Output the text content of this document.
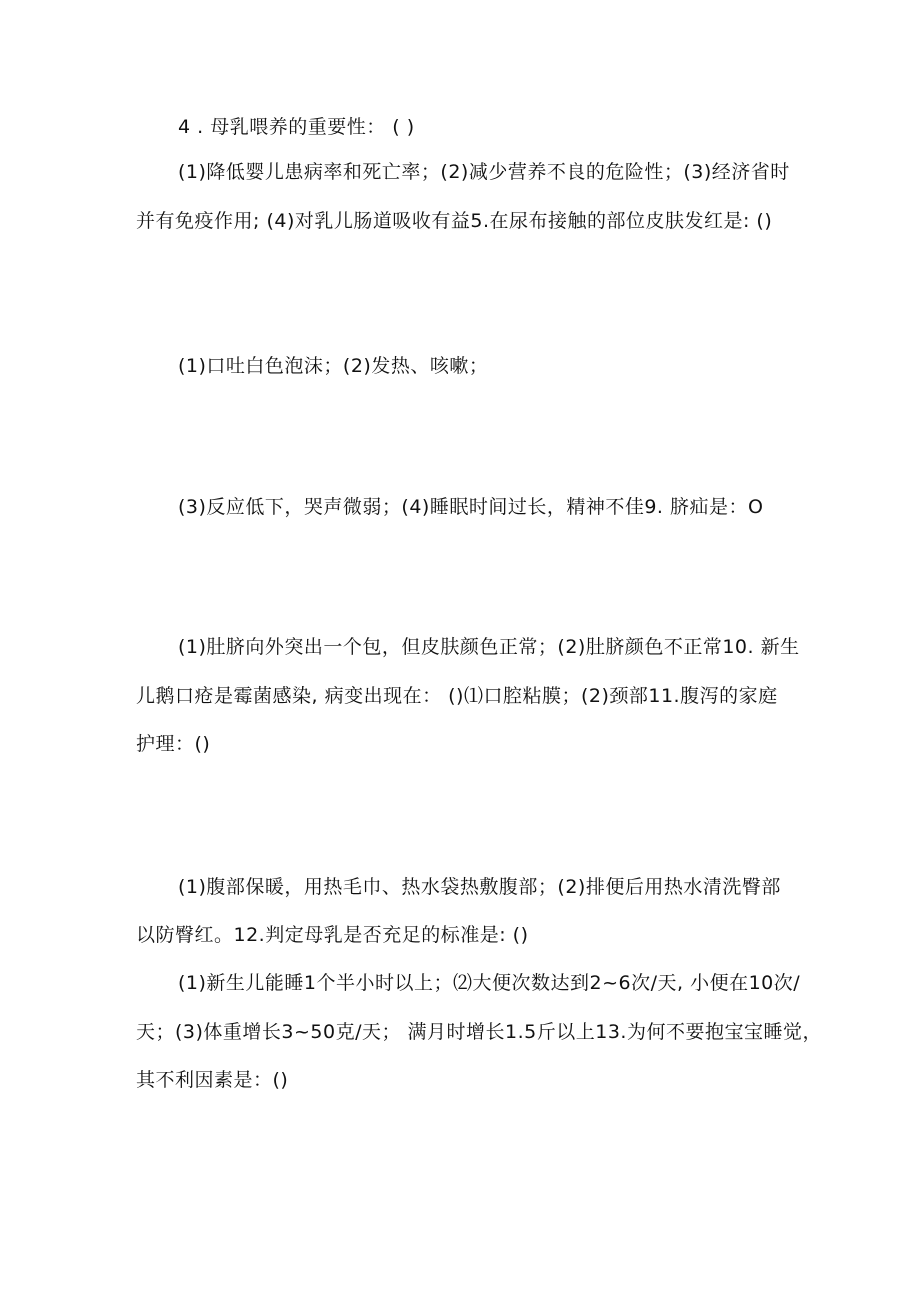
4 . 母乳喂养的重要性： ( )
(1)降低婴儿患病率和死亡率；(2)减少营养不良的危险性；(3)经济省时
并有免疫作用; (4)对乳儿肠道吸收有益5.在尿布接触的部位皮肤发红是: ()
(1)口吐白色泡沫；(2)发热、咳嗽；
(3)反应低下，哭声微弱；(4)睡眠时间过长，精神不佳9. 脐疝是：O
(1)肚脐向外突出一个包，但皮肤颜色正常；(2)肚脐颜色不正常10. 新生
儿鹅口疮是霉菌感染, 病变出现在： ()⑴口腔粘膜；(2)颈部11.腹泻的家庭
护理：()
(1)腹部保暖，用热毛巾、热水袋热敷腹部；(2)排便后用热水清洗臀部
以防臀红。12.判定母乳是否充足的标准是: ()
(1)新生儿能睡1个半小时以上；⑵大便次数达到2~6次/天, 小便在10次/
天；(3)体重增长3~50克/天； 满月时增长1.5斤以上13.为何不要抱宝宝睡觉，
其不利因素是：()
